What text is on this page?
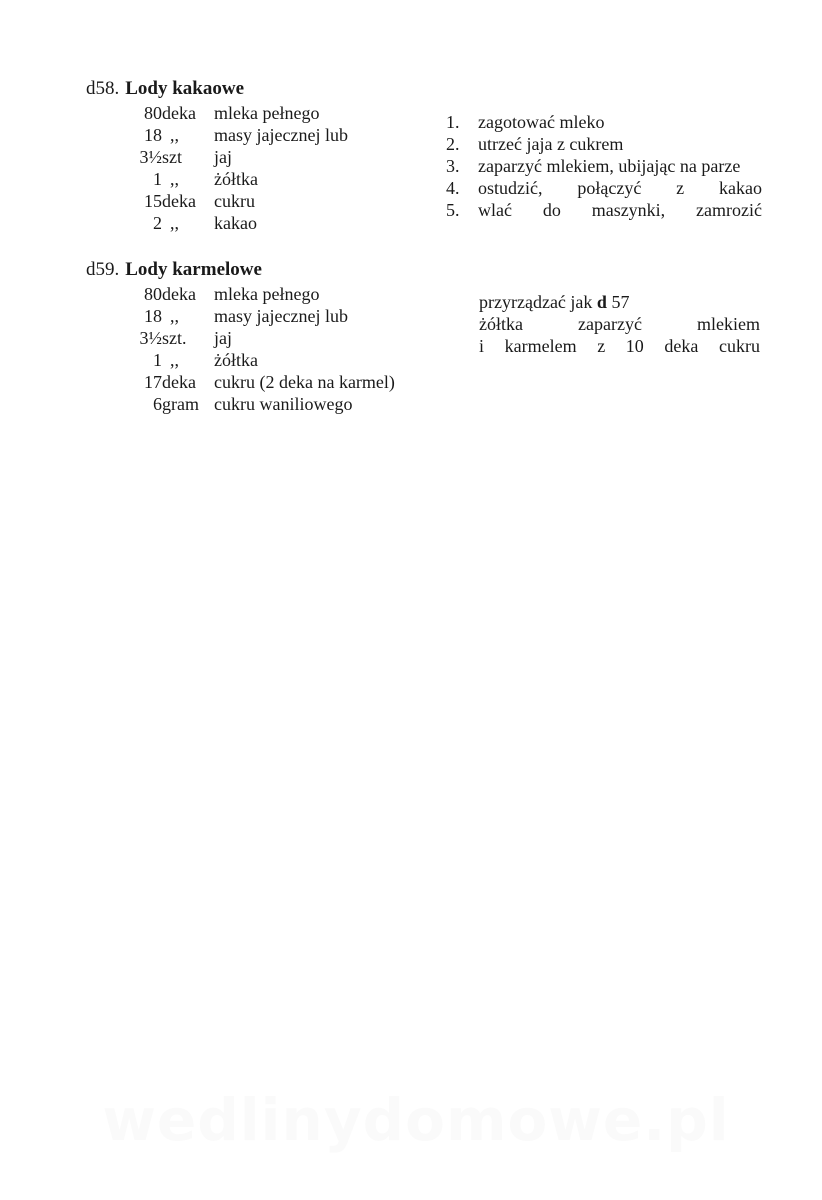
d58. Lody kakaowe
80	deka	mleka pełnego
18	,,	masy jajecznej lub
3½	szt	jaj
1	,,	żółtka
15	deka	cukru
2	,,	kakao
1.	zagotować mleko
2.	utrzeć jaja z cukrem
3.	zaparzyć mlekiem, ubijając na parze
4.	ostudzić, połączyć z kakao
5.	wlać do maszynki, zamrozić
d59. Lody karmelowe
80	deka	mleka pełnego
18	,,	masy jajecznej lub
3½	szt.	jaj
1	,,	żółtka
17	deka	cukru (2 deka na karmel)
6	gram	cukru waniliowego

przyrządzać jak d 57

żółtka zaparzyć mlekiem

i karmelem z 10 deka cukru

wedlinydomowe.pl
